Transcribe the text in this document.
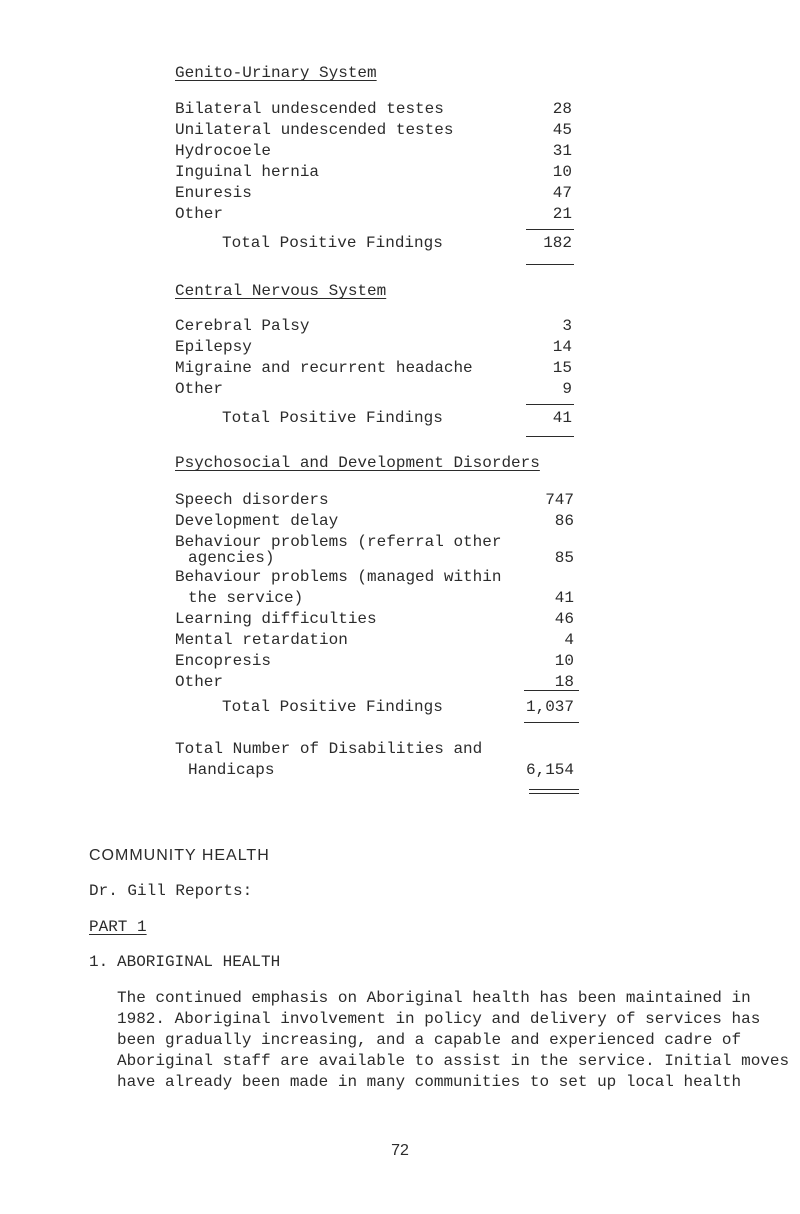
Genito-Urinary System
Bilateral undescended testes	28
Unilateral undescended testes	45
Hydrocoele	31
Inguinal hernia	10
Enuresis	47
Other	21
Total Positive Findings	182
Central Nervous System
Cerebral Palsy	3
Epilepsy	14
Migraine and recurrent headache	15
Other	9
Total Positive Findings	41
Psychosocial and Development Disorders
Speech disorders	747
Development delay	86
Behaviour problems (referral other
agencies)	85
Behaviour problems (managed within
the service)	41
Learning difficulties	46
Mental retardation	4
Encopresis	10
Other	18
Total Positive Findings	1,037
Total Number of Disabilities and
Handicaps	6,154
COMMUNITY HEALTH
Dr. Gill Reports:
PART 1
1. ABORIGINAL HEALTH
The continued emphasis on Aboriginal health has been maintained in
1982. Aboriginal involvement in policy and delivery of services has
been gradually increasing, and a capable and experienced cadre of
Aboriginal staff are available to assist in the service. Initial moves
have already been made in many communities to set up local health
72
